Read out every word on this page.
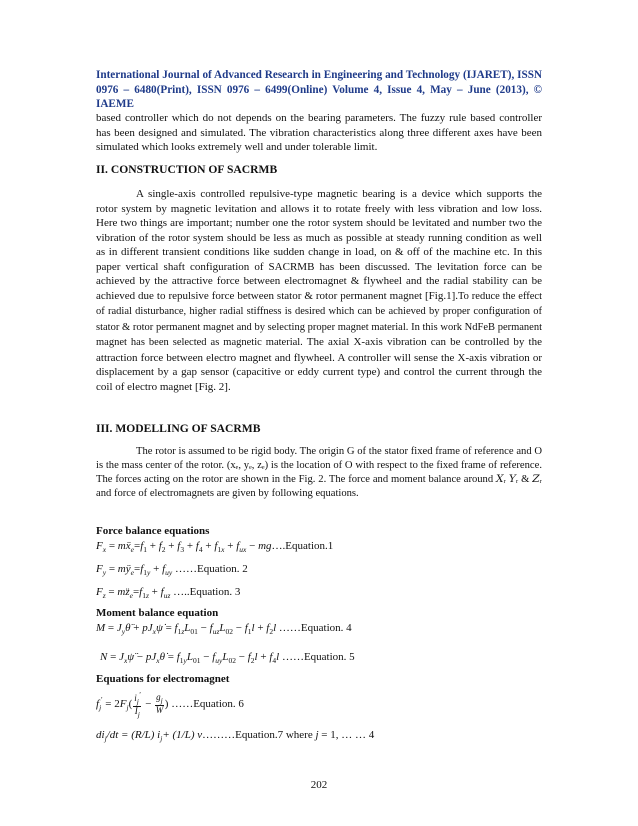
International Journal of Advanced Research in Engineering and Technology (IJARET), ISSN 0976 – 6480(Print), ISSN 0976 – 6499(Online) Volume 4, Issue 4, May – June (2013), © IAEME

based controller which do not depends on the bearing parameters. The fuzzy rule based controller has been designed and simulated. The vibration characteristics along three different axes have been simulated which looks extremely well and under tolerable limit.

II. CONSTRUCTION OF SACRMB

A single-axis controlled repulsive-type magnetic bearing is a device which supports the rotor system by magnetic levitation and allows it to rotate freely with less vibration and low loss. Here two things are important; number one the rotor system should be levitated and number two the vibration of the rotor system should be less as much as possible at steady running condition as well as in different transient conditions like sudden change in load, on & off of the machine etc. In this paper vertical shaft configuration of SACRMB has been discussed. The levitation force can be achieved by the attractive force between electromagnet & flywheel and the radial stability can be achieved due to repulsive force between stator & rotor permanent magnet [Fig.1].To reduce the effect of radial disturbance, higher radial stiffness is desired which can be achieved by proper configuration of stator & rotor permanent magnet and by selecting proper magnet material. In this work NdFeB permanent magnet has been selected as magnetic material. The axial X-axis vibration can be controlled by the attraction force between electro magnet and flywheel. A controller will sense the X-axis vibration or displacement by a gap sensor (capacitive or eddy current type) and control the current through the coil of electro magnet [Fig. 2].

III. MODELLING OF SACRMB

The rotor is assumed to be rigid body. The origin G of the stator fixed frame of reference and O is the mass center of the rotor. (xₑ, yₑ, zₑ) is the location of O with respect to the fixed frame of reference. The forces acting on the rotor are shown in the Fig. 2. The force and moment balance around 𝑋ᵣ 𝑌ᵣ & 𝑍ᵣ and force of electromagnets are given by following equations.

Force balance equations

$F_x$ = $mẍ_e=f_1 + f_2 + f_3 + f_4 + f_{1x} + f_{ux}$ − mg….Equation.1
$F_y$ = $mÿ_e=f_{1y} + f_{uy}$ ……Equation. 2
$F_z$ = $mz̈_e=f_{1z} + f_{uz}$ …..Equation. 3

Moment balance equation

$M = J_y\thetä$ + $pJ_x\psi̇ = f_{1z}L_{01} - f_{uz}L_{02} - f_1l + f_2l$ ……Equation. 4
$N = J_x\psï$ − $pJ_x\thetȧ = f_{1y}L_{01} - f_{uy}L_{02} - f_2l + f_4l$ ……Equation. 5

Equations for electromagnet

$f_j' = 2F_j( \frac{i_j'}{I_j} - \frac{g_j}{W}$ ) ……Equation. 6
$di_j/dt = (R/L)$ $i_j+ (1/L)$ v………Equation.7 where j = 1, … … 4
202
